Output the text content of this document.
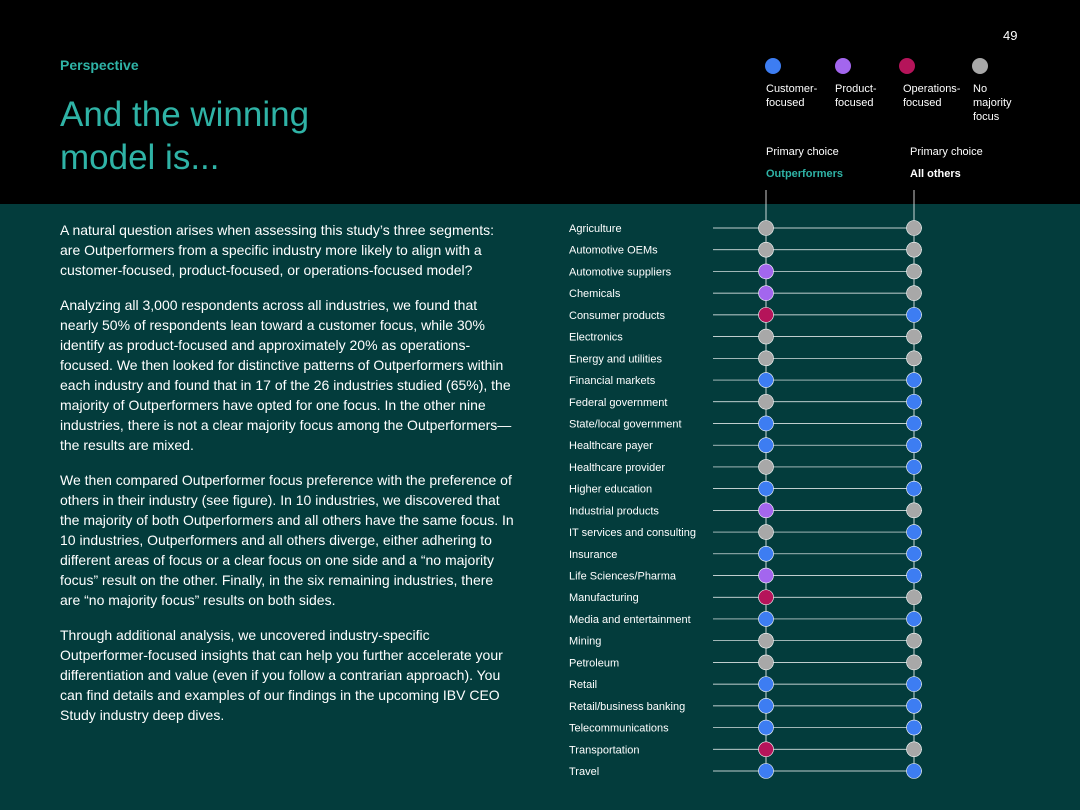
49
Perspective
And the winning model is...
Customer-
focused
Product-
focused
Operations-
focused
No majority
focus
Primary choice
Outperformers
Primary choice
All others

A natural question arises when assessing this study’s three segments: are Outperformers from a specific industry more likely to align with a customer-focused, product-focused, or operations-focused model?

Analyzing all 3,000 respondents across all industries, we found that nearly 50% of respondents lean toward a customer focus, while 30% identify as product-focused and approximately 20% as operations-focused. We then looked for distinctive patterns of Outperformers within each industry and found that in 17 of the 26 industries studied (65%), the majority of Outperformers have opted for one focus. In the other nine industries, there is not a clear majority focus among the Outperformers—the results are mixed.

We then compared Outperformer focus preference with the preference of others in their industry (see figure). In 10 industries, we discovered that the majority of both Outperformers and all others have the same focus. In 10 industries, Outperformers and all others diverge, either adhering to different areas of focus or a clear focus on one side and a “no majority focus” result on the other. Finally, in the six remaining industries, there are “no majority focus” results on both sides.

Through additional analysis, we uncovered industry-specific Outperformer-focused insights that can help you further accelerate your differentiation and value (even if you follow a contrarian approach). You can find details and examples of our findings in the upcoming IBV CEO Study industry deep dives.

Agriculture
Automotive OEMs
Automotive suppliers
Chemicals
Consumer products
Electronics
Energy and utilities
Financial markets
Federal government
State/local government
Healthcare payer
Healthcare provider
Higher education
Industrial products
IT services and consulting
Insurance
Life Sciences/Pharma
Manufacturing
Media and entertainment
Mining
Petroleum
Retail
Retail/business banking
Telecommunications
Transportation
Travel
